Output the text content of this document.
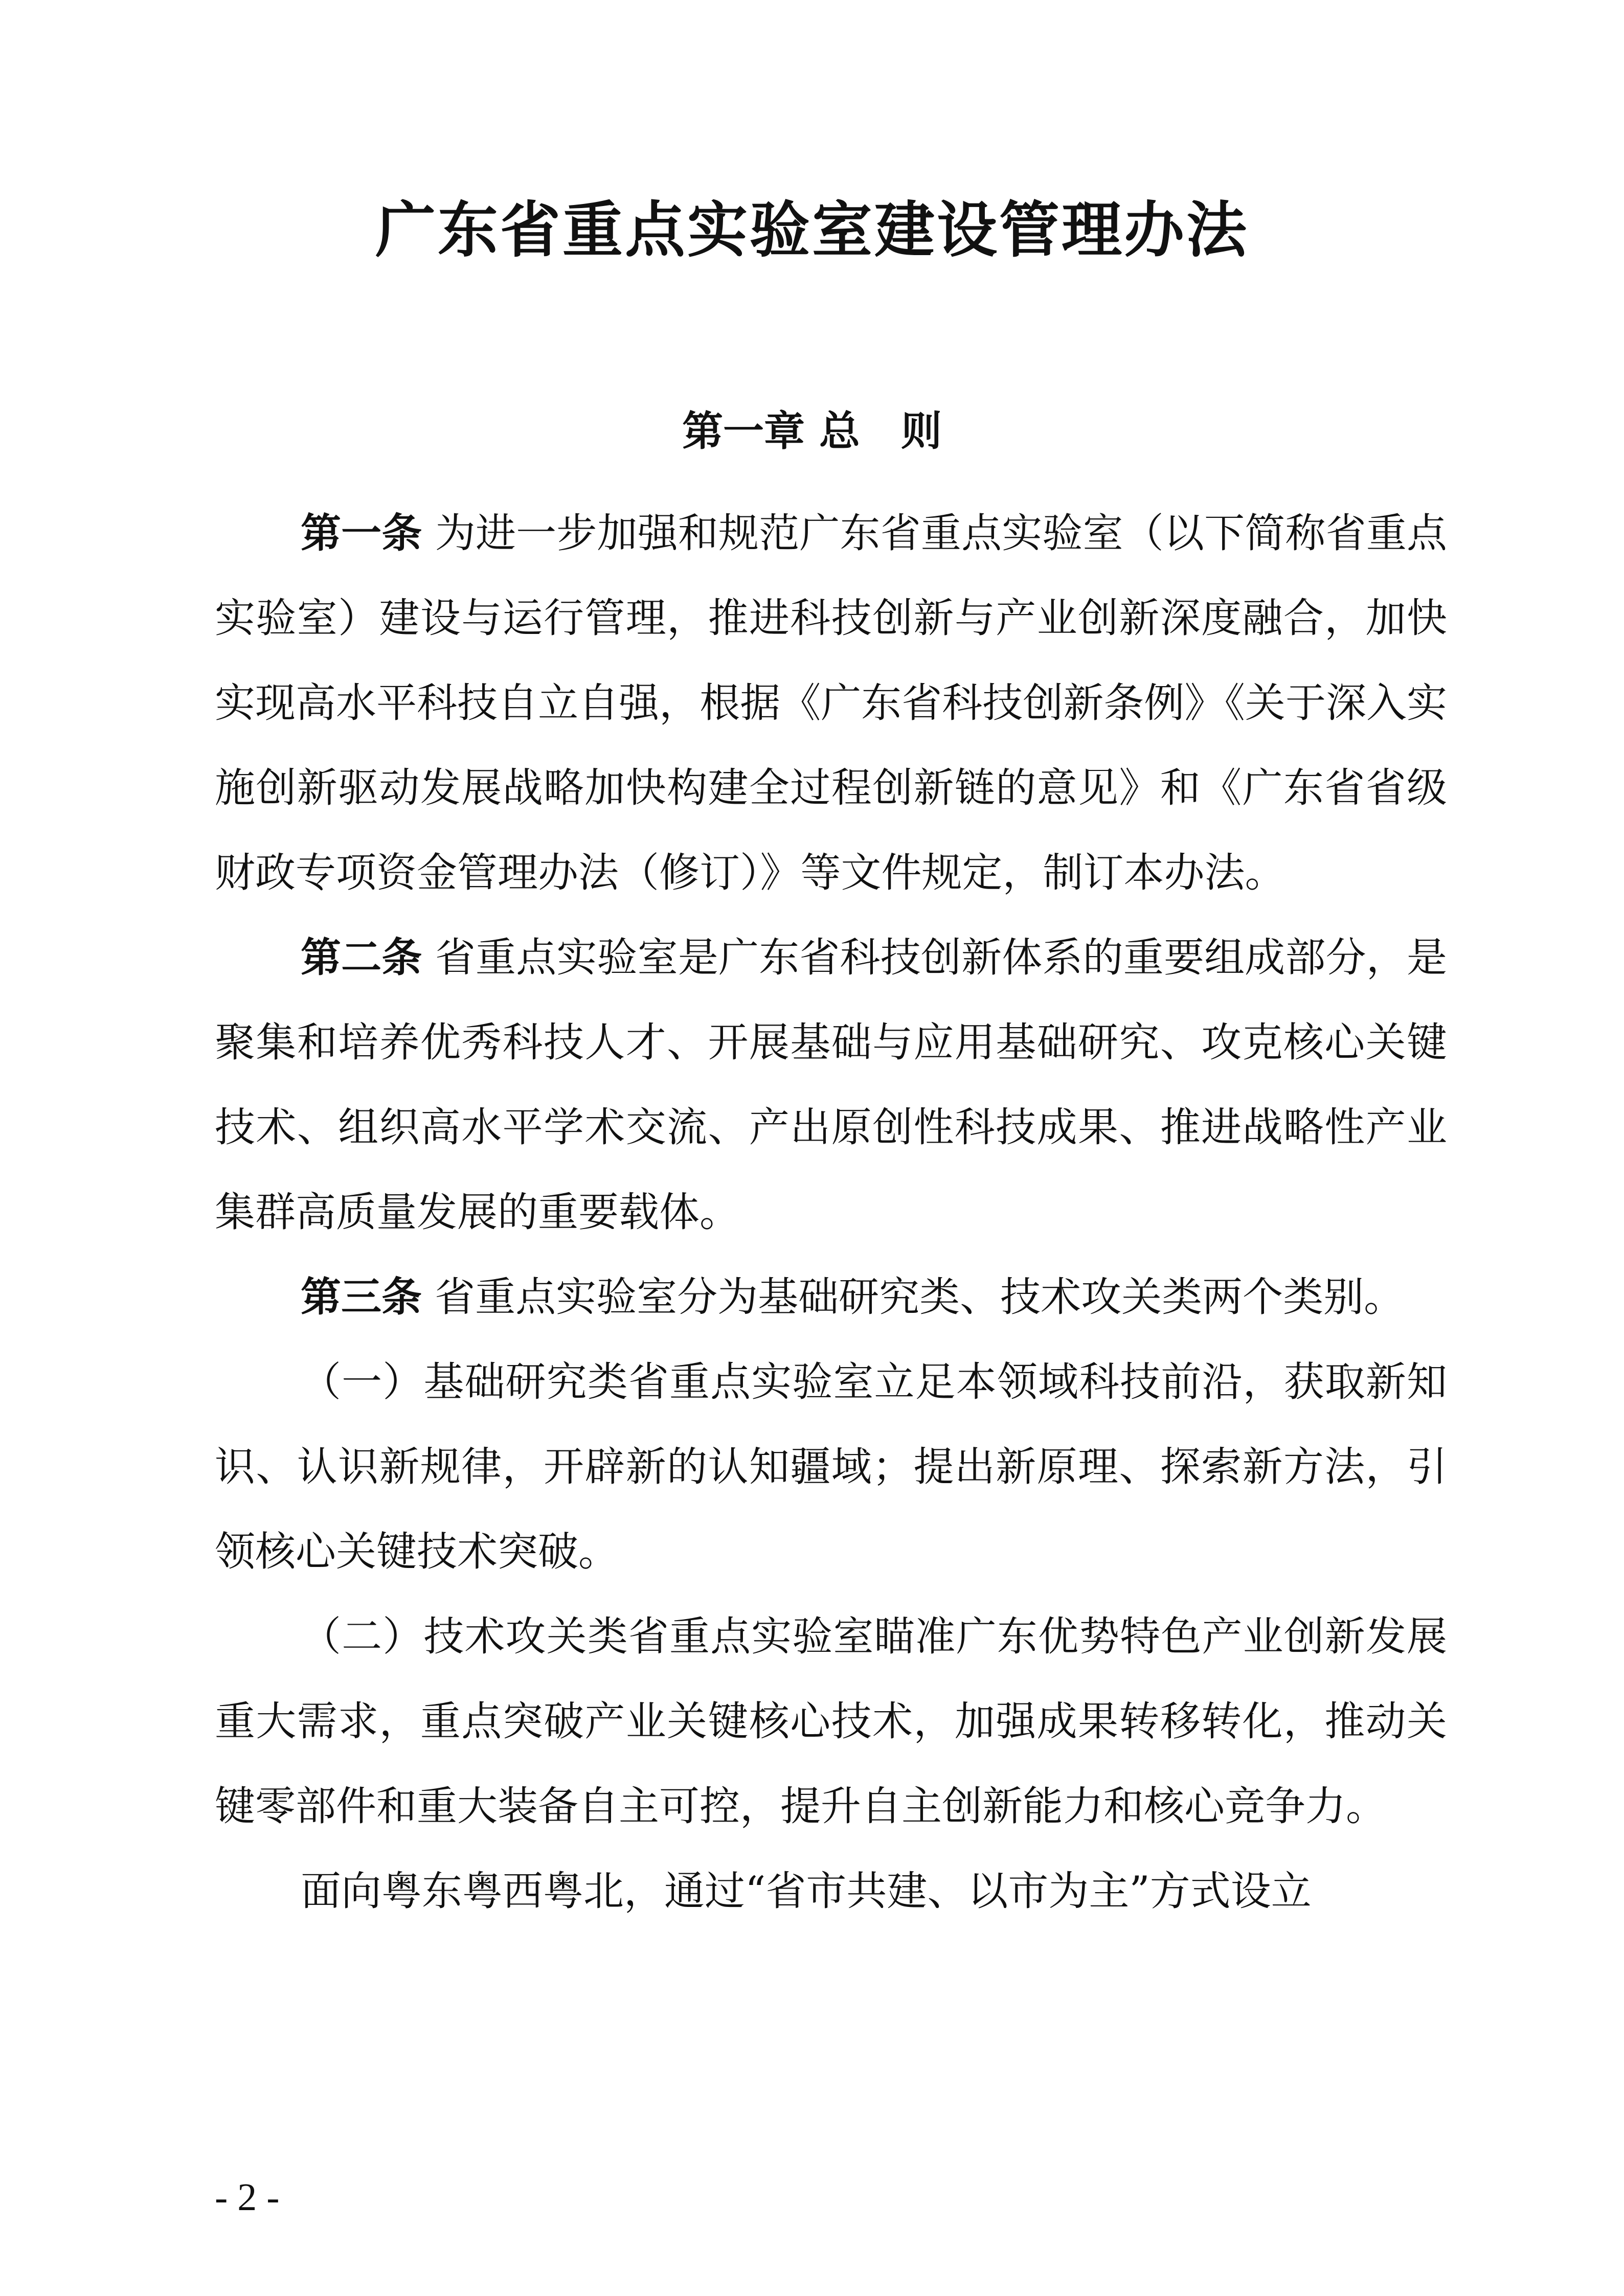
广东省重点实验室建设管理办法
第一章 总　则

第一条 为进一步加强和规范广东省重点实验室（以下简称省重点实验室）建设与运行管理，推进科技创新与产业创新深度融合，加快实现高水平科技自立自强，根据《广东省科技创新条例》《关于深入实施创新驱动发展战略加快构建全过程创新链的意见》和《广东省省级财政专项资金管理办法（修订）》等文件规定，制订本办法。

第二条 省重点实验室是广东省科技创新体系的重要组成部分，是聚集和培养优秀科技人才、开展基础与应用基础研究、攻克核心关键技术、组织高水平学术交流、产出原创性科技成果、推进战略性产业集群高质量发展的重要载体。

第三条 省重点实验室分为基础研究类、技术攻关类两个类别。

（一）基础研究类省重点实验室立足本领域科技前沿，获取新知识、认识新规律，开辟新的认知疆域；提出新原理、探索新方法，引领核心关键技术突破。

（二）技术攻关类省重点实验室瞄准广东优势特色产业创新发展重大需求，重点突破产业关键核心技术，加强成果转移转化，推动关键零部件和重大装备自主可控，提升自主创新能力和核心竞争力。

面向粤东粤西粤北，通过“省市共建、以市为主”方式设立

- 2 -
